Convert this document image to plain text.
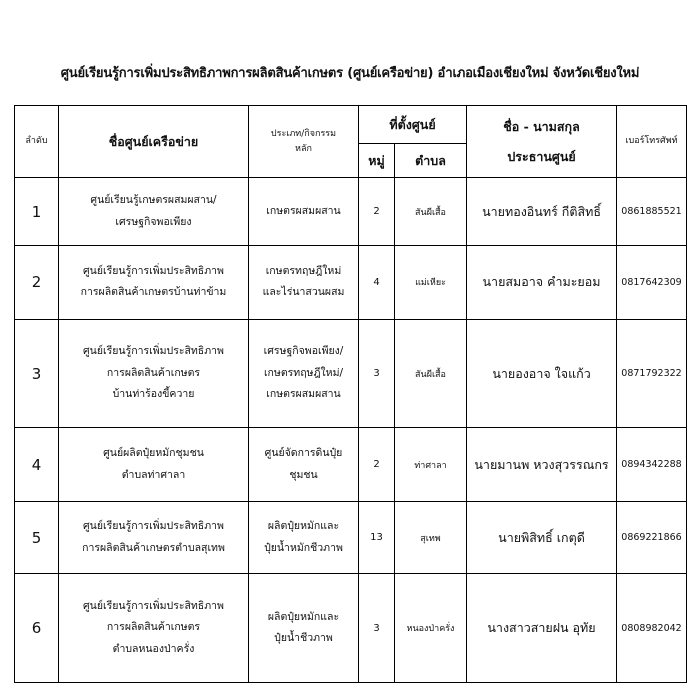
ศูนย์เรียนรู้การเพิ่มประสิทธิภาพการผลิตสินค้าเกษตร (ศูนย์เครือข่าย) อำเภอเมืองเชียงใหม่ จังหวัดเชียงใหม่
ลำดับ	ชื่อศูนย์เครือข่าย	ประเภท/กิจกรรม
หลัก	ที่ตั้งศูนย์		ชื่อ - นามสกุล
ประธานศูนย์	เบอร์โทรศัพท์
			หมู่	ตำบล		
1	ศูนย์เรียนรู้เกษตรผสมผสาน/
เศรษฐกิจพอเพียง	เกษตรผสมผสาน	2	สันผีเสื้อ	นายทองอินทร์ กีติสิทธิ์	0861885521
2	ศูนย์เรียนรู้การเพิ่มประสิทธิภาพ
การผลิตสินค้าเกษตรบ้านท่าข้าม	เกษตรทฤษฎีใหม่
และไร่นาสวนผสม	4	แม่เหียะ	นายสมอาจ คำมะยอม	0817642309
3	ศูนย์เรียนรู้การเพิ่มประสิทธิภาพ
การผลิตสินค้าเกษตร
บ้านท่าร้องขี้ควาย	เศรษฐกิจพอเพียง/
เกษตรทฤษฎีใหม่/
เกษตรผสมผสาน	3	สันผีเสื้อ	นายองอาจ ใจแก้ว	0871792322
4	ศูนย์ผลิตปุ๋ยหมักชุมชน
ตำบลท่าศาลา	ศูนย์จัดการดินปุ๋ย
ชุมชน	2	ท่าศาลา	นายมานพ หวงสุวรรณกร	0894342288
5	ศูนย์เรียนรู้การเพิ่มประสิทธิภาพ
การผลิตสินค้าเกษตรตำบลสุเทพ	ผลิตปุ๋ยหมักและ
ปุ๋ยน้ำหมักชีวภาพ	13	สุเทพ	นายพิสิทธิ์ เกตุดี	0869221866
6	ศูนย์เรียนรู้การเพิ่มประสิทธิภาพ
การผลิตสินค้าเกษตร
ตำบลหนองป่าครั่ง	ผลิตปุ๋ยหมักและ
ปุ๋ยน้ำชีวภาพ	3	หนองป่าครั่ง	นางสาวสายฝน อุทัย	0808982042
